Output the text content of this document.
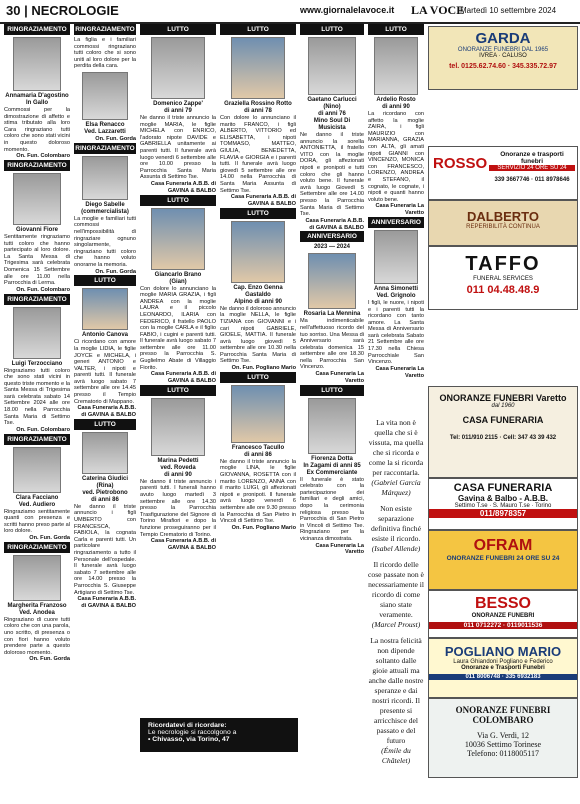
30 | NECROLOGIE	www.giornalelavoce.it LA VOCE
Martedì 10 settembre 2024
RINGRAZIAMENTO
Annamaria D'agostino
In Gallo
Commossi per la dimostrazione di affetto e stima tributato alla loro Cara ringraziano tutti coloro che sono stati vicini in questo doloroso momento.
On. Fun. Colombaro
RINGRAZIAMENTO
Giovanni Fiore
Sentitamente ringraziamo tutti coloro che hanno partecipato al loro dolore. La Santa Messa di Trigesima sarà celebrata Domenica 15 Settembre alle ore 11.00 nella Parrocchia di Lerma.
On. Fun. Colombaro
RINGRAZIAMENTO
Luigi Terzocciano
Ringraziamo tutti coloro che sono stati vicini in questo triste momento e la Santa Messa di Trigesima sarà celebrata sabato 14 Settembre 2024 alle ore 18.00 nella Parrocchia Santa Maria di Settimo Tse.
On. Fun. Colombaro
RINGRAZIAMENTO
Clara Facciano
Ved. Audiero
Ringraziamo sentitamente quanti con presenza e scritti hanno preso parte al loro dolore.
On. Fun. Gorda
RINGRAZIAMENTO
Margherita Franzoso
Ved. Anodea
Ringraziano di cuore tutti coloro che con una parola, uno scritto, di presenza o con fiori hanno voluto prendere parte a questo doloroso momento.
On. Fun. Gorda
RINGRAZIAMENTO
La figlia e i familiari commossi ringraziano tutti coloro che si sono uniti al loro dolore per la perdita della cara.
Elsa Renacco
Ved. Lazzaretti
On. Fun. Gorda
RINGRAZIAMENTO
Diego Sabelle
(commercialista)
La moglie e familiari tutti commossi nell'impossibilità di ringraziare ognuno singolarmente, ringraziano tutti coloro che hanno voluto onorarne la memoria.
On. Fun. Gorda
LUTTO
Antonio Canova
Ci ricordano con amore la moglie LIDIA, le figlie JOYCE e MICHELA, i generi ANTONIO e VALTER, i nipoti e parenti tutti. Il funerale avrà luogo sabato 7 settembre alle ore 14.45 presso il Tempio Crematorio di Mappano.
Casa Funeraria A.B.B. di GAVINA & BALBO
LUTTO
Caterina Giudici (Rina)
ved. Pietrobono
di anni 86
Ne danno il triste annuncio i figli UMBERTO con FRANCESCA, FABIOLA, la cognata Carla e parenti tutti. Un particolare ringraziamento a tutto il Personale dell'ospedale. Il funerale avrà luogo sabato 7 settembre alle ore 14.00 presso la Parrocchia S. Giuseppe Artigiano di Settimo Tse.
Casa Funeraria A.B.B. di GAVINA & BALBO
LUTTO
Domenico Zappe'
di anni 79
Ne danno il triste annuncio la moglie MARIA, le figlie MICHELA con ENRICO, l'adorato nipote DAVIDE e GABRIELLA unitamente ai parenti tutti. Il funerale avrà luogo venerdì 6 settembre alle ore 10.00 presso la Parrocchia Santa Maria Assunta di Settimo Tse.
Casa Funeraria A.B.B. di GAVINA & BALBO
LUTTO
Giancarlo Brano
(Gian)
Con dolore lo annunciano la moglie MARIA GRAZIA, i figli ANDREA con la moglie LAURA e il piccolo LEONARDO, ILARIA con FEDERICO, il fratello PAOLO con la moglie CARLA e il figlio FABIO, i cugini e parenti tutti. Il funerale avrà luogo sabato 7 settembre alle ore 11.00 presso la Parrocchia S. Guglielmo Abate di Villaggio Fiorito.
Casa Funeraria A.B.B. di GAVINA & BALBO
LUTTO
Marina Pedetti
ved. Roveda
di anni 90
Ne danno il triste annuncio i parenti tutti. I funerali hanno avuto luogo martedì 3 settembre alle ore 14.30 presso la Parrocchia Trasfigurazione del Signore di Torino Mirafiori e dopo la funzione proseguiranno per il Tempio Crematorio di Torino.
Casa Funeraria A.B.B. di GAVINA & BALBO
LUTTO
Graziella Rossino Rotto
di anni 78
Con dolore lo annunciano il marito FRANCO, i figli ALBERTO, VITTORIO ed ELISABETTA, i nipoti TOMMASO, MATTEO, GIULIA, BENEDETTA, FLAVIA e GIORGIA e i parenti tutti. Il funerale avrà luogo giovedì 5 settembre alle ore 14.00 nella Parrocchia di Santa Maria Assunta di Settimo Tse.
Casa Funeraria A.B.B. di GAVINA & BALBO
LUTTO
Cap. Enzo Genna Gastaldo
Alpino di anni 90
Ne danno il doloroso annuncio la moglie NELLA, le figlie TIZIANA con GIOVANNI e i cari nipoti GABRIELE, GIOELE, MATTIA. Il funerale avrà luogo giovedì 5 settembre alle ore 10.30 nella Parrocchia Santa Maria di Settimo Tse.
On. Fun. Pogliano Mario
LUTTO
Francesco Tacullo
di anni 86
Ne danno il triste annuncio la moglie LINA, le figlie GIOVANNA, ROSETTA con il marito LORENZO, ANNA con il marito LUIGI, gli affezionati nipoti e pronipoti. Il funerale avrà luogo venerdì 6 settembre alle ore 9.30 presso la Parrocchia di San Pietro in Vincoli di Settimo Tse.
On. Fun. Pogliano Mario
LUTTO
Gaetano Carlucci (Nino)
di anni 76
Mino Soul Di Musicista
Ne danno il triste annuncio la sorella ANTONIETTA, il fratello VITO con la moglie DORA, gli affezionati nipoti e pronipoti e tutti coloro che gli hanno voluto bene. Il funerale avrà luogo Giovedì 5 Settembre alle ore 14.00 presso la Parrocchia Santa Maria di Settimo Tse.
Casa Funeraria A.B.B. di GAVINA & BALBO
ANNIVERSARIO
2023 — 2024
Rosaria La Mennina
Ma indimenticabile nell'affettuoso ricordo del tuo sorriso. Una Messa di Anniversario sarà celebrata domenica 15 settembre alle ore 18.30 nella Parrocchia San Vincenzo.
Casa Funeraria La Varetto
LUTTO
Fiorenza Dotta
In Zagami di anni 85
Ex Commerciante
Il funerale è stato celebrato con la partecipazione dei familiari e degli amici, dopo la cerimonia religiosa presso la Parrocchia di San Pietro in Vincoli di Settimo Tse. Ringraziano per la vicinanza dimostrata.
Casa Funeraria La Varetto
LUTTO
Ardelio Rosto
di anni 90
La ricordano con affetto la moglie ZAIRA, i figli MAURIZIO con MARIANNA, GRAZIA con ALTA, gli amati nipoti GIANNI con VINCENZO, MONICA con FRANCESCO, LORENZO, ANDREA e STEFANO, il cognato, le cognate, i nipoti e quanti hanno voluto bene.
Casa Funeraria La Varetto
ANNIVERSARIO
Anna Simonetti
Ved. Grignolo
I figli, le nuore, i nipoti e i parenti tutti la ricordano con tanto amore. La Santa Messa di Anniversario sarà celebrata Sabato 21 Settembre alle ore 17.30 nella Chiesa Parrocchiale San Vincenzo.
Casa Funeraria La Varetto
La vita non è quella che si è vissuta, ma quella che si ricorda e come la si ricorda per raccontarla.
(Gabriel García Márquez)
Non esiste separazione definitiva finché esiste il ricordo.
(Isabel Allende)
Il ricordo delle cose passate non è necessariamente il ricordo di come siano state veramente.
(Marcel Proust)
La nostra felicità non dipende soltanto dalle gioie attuali ma anche dalle nostre speranze e dai nostri ricordi. Il presente si arricchisce del passato e del futuro
(Émile du Châtelet)
GARDA
ONORANZE FUNEBRI DAL 1965
IVREA · CALUSO
tel. 0125.62.74.60 · 345.335.72.97
ROSSO
Onoranze e trasporti funebri
SERVIZIO 24 ORE SU 24
339 3667746 · 011 8978646
DALBERTO
REPERIBILITÀ CONTINUA
TAFFO
FUNERAL SERVICES
011 04.48.48.9
ONORANZE FUNEBRI Varetto
dal 1960
CASA FUNERARIA
Tel: 011/910 2115 · Cell: 347 43 39 432
CASA FUNERARIA
Gavina & Balbo - A.B.B.
Settimo T.se · S. Mauro T.se · Torino
011/8978357
OFRAM
ONORANZE FUNEBRI 24 ORE SU 24
BESSO
ONORANZE FUNEBRI
011 0712272 · 0119011536
POGLIANO MARIO
Laura Ghiandoni Pogliano e Federico
Onoranze e Trasporti Funebri
011 8006748 · 335 6932183
ONORANZE FUNEBRI COLOMBARO
Via G. Verdi, 12
10036 Settimo Torinese
Telefono: 0118005117
Ricordatevi di ricordare:
Le necrologie si raccolgono a
• Chivasso, via Torino, 47
